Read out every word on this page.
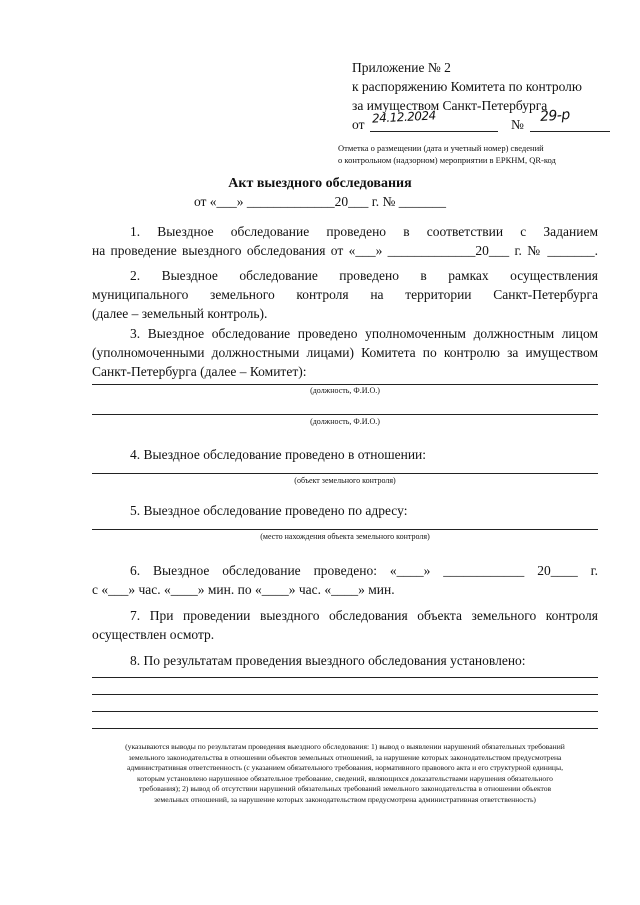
Приложение № 2
к распоряжению Комитета по контролю
за имуществом Санкт-Петербурга
от 24.12.2024	№ 29-р
Отметка о размещении (дата и учетный номер) сведений
о контрольном (надзорном) мероприятии в ЕРКНМ, QR-код
Акт выездного обследования
от «___» _____________20___ г. № _______
1. Выездное обследование проведено в соответствии с Заданием
на проведение выездного обследования от «___» _____________20___ г. № _______.
2. Выездное обследование проведено в рамках осуществления
муниципального земельного контроля на территории Санкт-Петербурга
(далее – земельный контроль).
3. Выездное обследование проведено уполномоченным должностным лицом
(уполномоченными должностными лицами) Комитета по контролю за имуществом
Санкт-Петербурга (далее – Комитет):
(должность, Ф.И.О.)
(должность, Ф.И.О.)
4. Выездное обследование проведено в отношении:
(объект земельного контроля)
5. Выездное обследование проведено по адресу:
(место нахождения объекта земельного контроля)
6. Выездное обследование проведено: «____» ____________ 20____ г.
с «___» час. «____» мин. по «____» час. «____» мин.
7. При проведении выездного обследования объекта земельного контроля
осуществлен осмотр.
8. По результатам проведения выездного обследования установлено:
(указываются выводы по результатам проведения выездного обследования: 1) вывод о выявлении нарушений обязательных требований
земельного законодательства в отношении объектов земельных отношений, за нарушение которых законодательством предусмотрена
административная ответственность (с указанием обязательного требования, нормативного правового акта и его структурной единицы,
которым установлено нарушенное обязательное требование, сведений, являющихся доказательствами нарушения обязательного
требования); 2) вывод об отсутствии нарушений обязательных требований земельного законодательства в отношении объектов
земельных отношений, за нарушение которых законодательством предусмотрена административная ответственность)
